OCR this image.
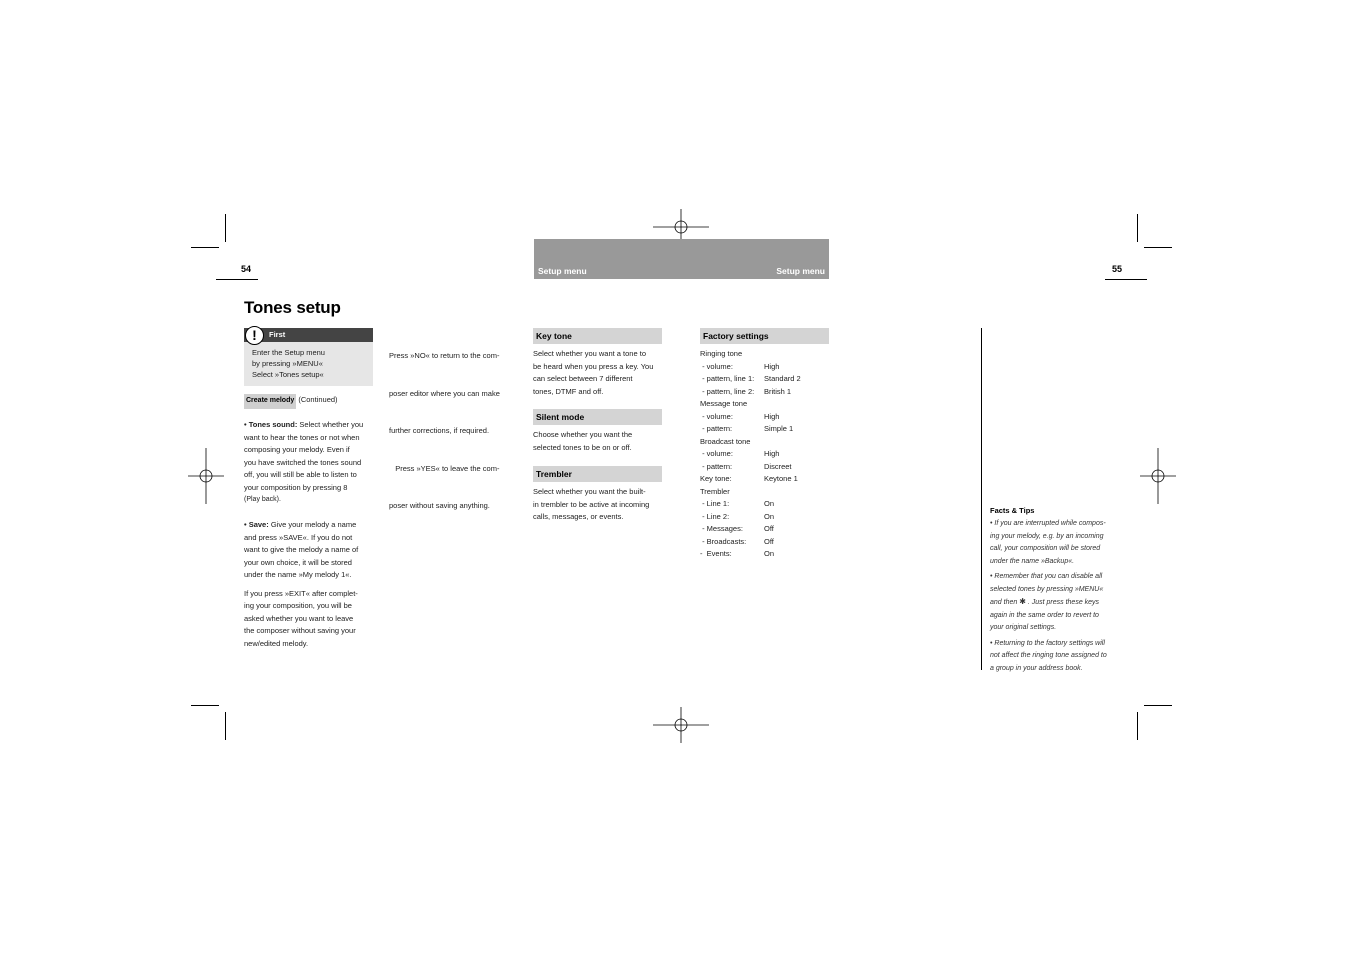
54	55
Setup menu	Setup menu
Tones setup
First
!
Enter the Setup menu
by pressing »MENU«
Select »Tones setup«
Create melody (Continued)
• Tones sound: Select whether you
want to hear the tones or not when
composing your melody. Even if
you have switched the tones sound
off, you will still be able to listen to
your composition by pressing 8
(Play back).
• Save: Give your melody a name
and press »SAVE«. If you do not
want to give the melody a name of
your own choice, it will be stored
under the name »My melody 1«.
If you press »EXIT« after complet-
ing your composition, you will be
asked whether you want to leave
the composer without saving your
new/edited melody.

Press »NO« to return to the com-

poser editor where you can make

further corrections, if required.

Press »YES« to leave the com-

poser without saving anything.

Key tone
Select whether you want a tone to
be heard when you press a key. You
can select between 7 different
tones, DTMF and off.
Silent mode
Choose whether you want the
selected tones to be on or off.
Trembler
Select whether you want the built-
in trembler to be active at incoming
calls, messages, or events.
Factory settings
Ringing tone
- volume:	High
- pattern, line 1: Standard 2
- pattern, line 2: British 1
Message tone
- volume:	High
- pattern:	Simple 1
Broadcast tone
- volume:	High
- pattern:	Discreet
Key tone:	Keytone 1
Trembler
- Line 1:	On
- Line 2:	On
- Messages:	Off
- Broadcasts: Off
-  Events:	On
Facts & Tips

• If you are interrupted while compos-
ing your melody, e.g. by an incoming
call, your composition will be stored
under the name »Backup«.

• Remember that you can disable all
selected tones by pressing »MENU«
and then ✱ . Just press these keys
again in the same order to revert to
your original settings.

• Returning to the factory settings will
not affect the ringing tone assigned to
a group in your address book.
